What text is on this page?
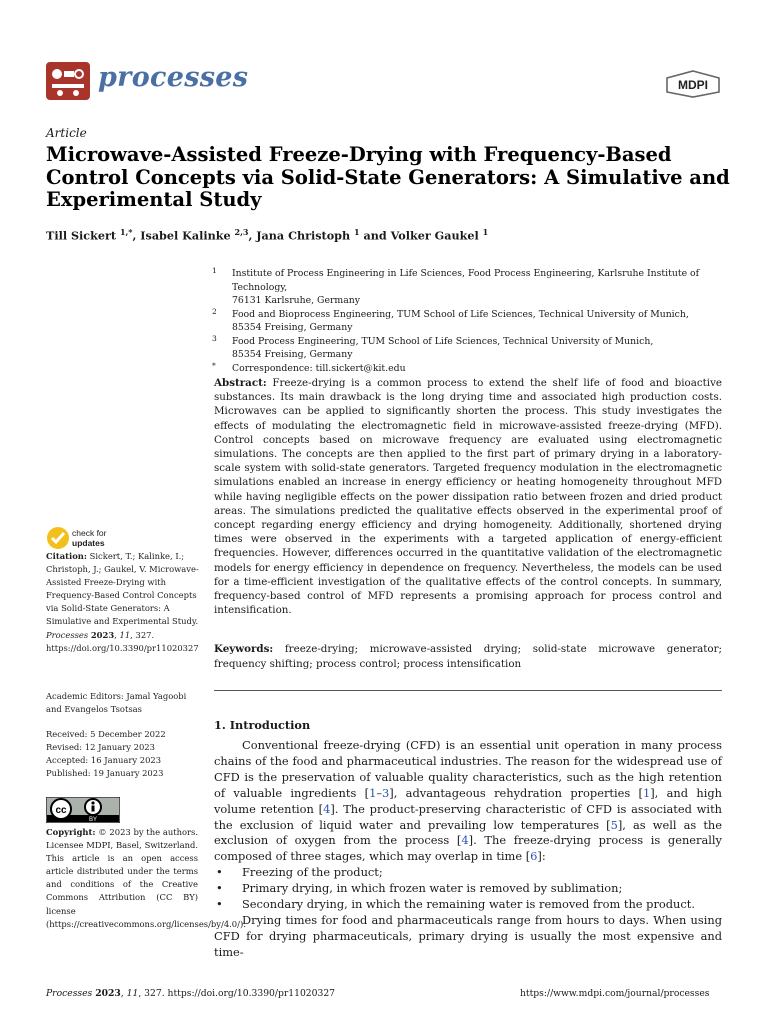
processes	MDPI
Article
Microwave-Assisted Freeze-Drying with Frequency-Based Control Concepts via Solid-State Generators: A Simulative and Experimental Study
Till Sickert $^{1,*}$, Isabel Kalinke $^{2,3}$, Jana Christoph $^1$ and Volker Gaukel $^1$
1 Institute of Process Engineering in Life Sciences, Food Process Engineering, Karlsruhe Institute of Technology,
76131 Karlsruhe, Germany
2 Food and Bioprocess Engineering, TUM School of Life Sciences, Technical University of Munich,
85354 Freising, Germany
3 Food Process Engineering, TUM School of Life Sciences, Technical University of Munich,
85354 Freising, Germany
* Correspondence: till.sickert@kit.edu
Abstract: Freeze-drying is a common process to extend the shelf life of food and bioactive substances. Its main drawback is the long drying time and associated high production costs. Microwaves can be applied to significantly shorten the process. This study investigates the effects of modulating the electromagnetic field in microwave-assisted freeze-drying (MFD). Control concepts based on microwave frequency are evaluated using electromagnetic simulations. The concepts are then applied to the first part of primary drying in a laboratory-scale system with solid-state generators. Targeted frequency modulation in the electromagnetic simulations enabled an increase in energy efficiency or heating homogeneity throughout MFD while having negligible effects on the power dissipation ratio between frozen and dried product areas. The simulations predicted the qualitative effects observed in the experimental proof of concept regarding energy efficiency and drying homogeneity. Additionally, shortened drying times were observed in the experiments with a targeted application of energy-efficient frequencies. However, differences occurred in the quantitative validation of the electromagnetic models for energy efficiency in dependence on frequency. Nevertheless, the models can be used for a time-efficient investigation of the qualitative effects of the control concepts. In summary, frequency-based control of MFD represents a promising approach for process control and intensification.
Keywords: freeze-drying; microwave-assisted drying; solid-state microwave generator; frequency shifting; process control; process intensification
1. Introduction

Conventional freeze-drying (CFD) is an essential unit operation in many process chains of the food and pharmaceutical industries. The reason for the widespread use of CFD is the preservation of valuable quality characteristics, such as the high retention of valuable ingredients [1–3], advantageous rehydration properties [1], and high volume retention [4]. The product-preserving characteristic of CFD is associated with the exclusion of liquid water and prevailing low temperatures [5], as well as the exclusion of oxygen from the process [4]. The freeze-drying process is generally composed of three stages, which may overlap in time [6]:

• Freezing of the product;
• Primary drying, in which frozen water is removed by sublimation;
• Secondary drying, in which the remaining water is removed from the product.

Drying times for food and pharmaceuticals range from hours to days. When using CFD for drying pharmaceuticals, primary drying is usually the most expensive and time-

check for
updates
Citation: Sickert, T.; Kalinke, I.; Christoph, J.; Gaukel, V. Microwave-Assisted Freeze-Drying with Frequency-Based Control Concepts via Solid-State Generators: A Simulative and Experimental Study. Processes 2023, 11, 327. https://doi.org/10.3390/pr11020327
Academic Editors: Jamal Yagoobi and Evangelos Tsotsas
Received: 5 December 2022
Revised: 12 January 2023
Accepted: 16 January 2023
Published: 19 January 2023
cc
BY
Copyright: © 2023 by the authors. Licensee MDPI, Basel, Switzerland. This article is an open access article distributed under the terms and conditions of the Creative Commons Attribution (CC BY) license (https://creativecommons.org/licenses/by/4.0/).
Processes 2023, 11, 327. https://doi.org/10.3390/pr11020327	https://www.mdpi.com/journal/processes
